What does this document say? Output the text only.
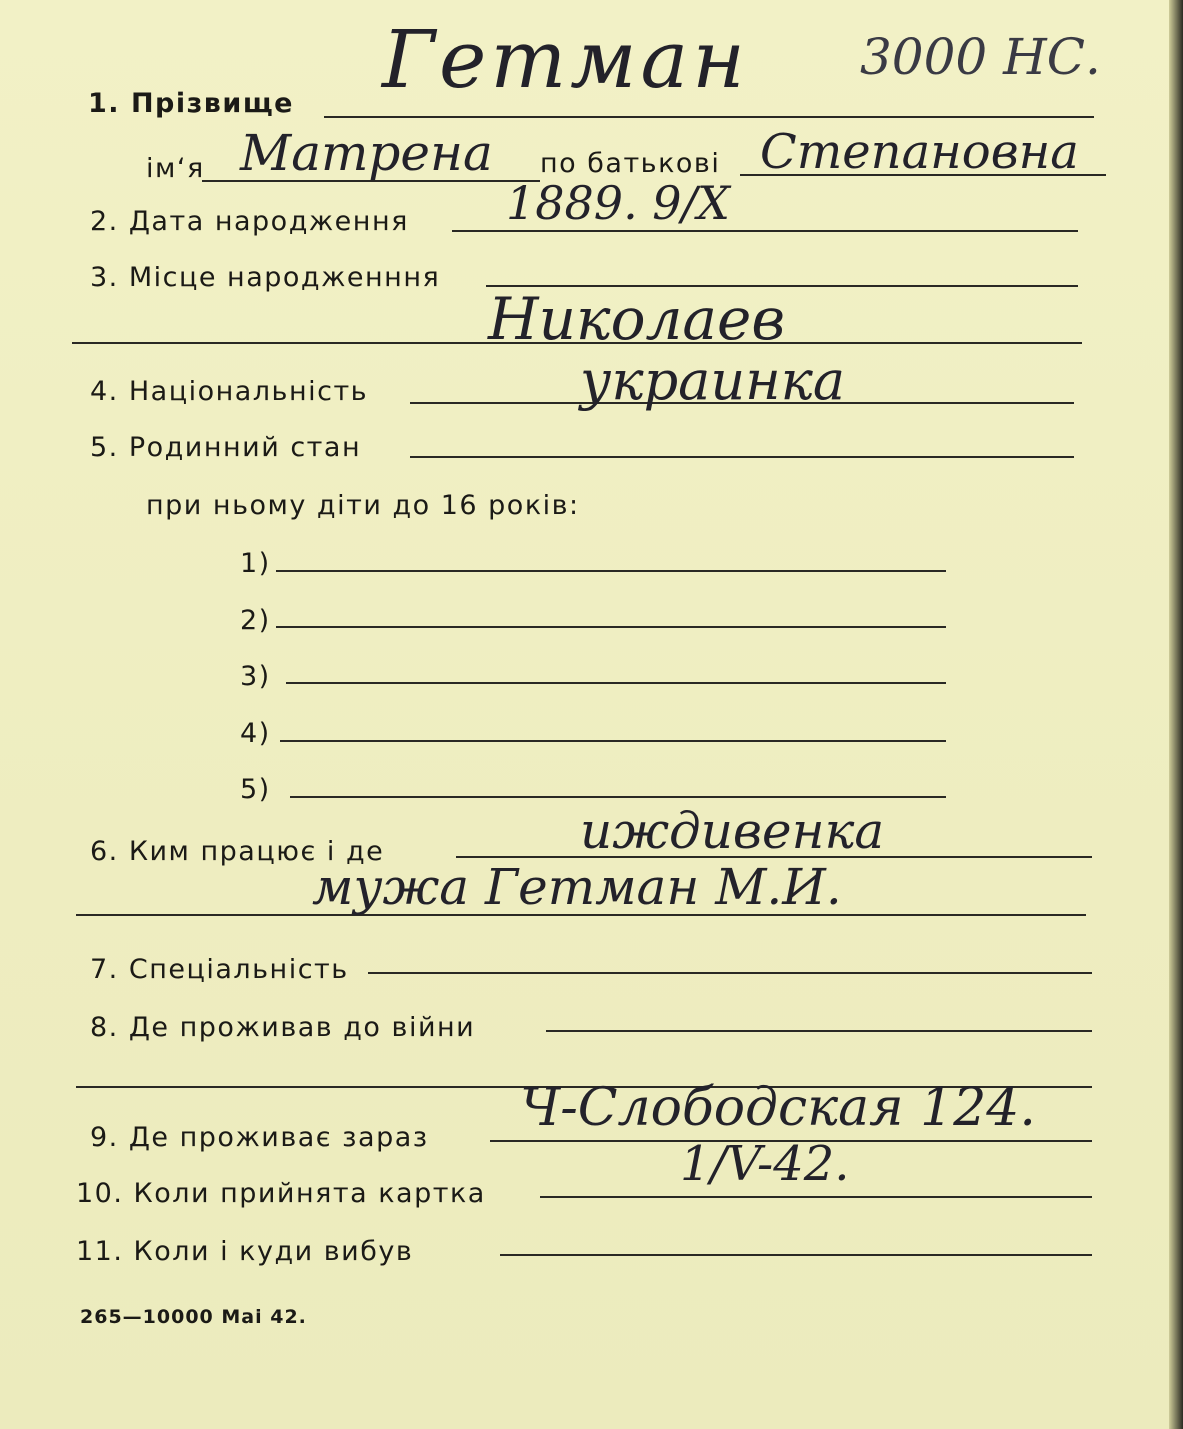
1. Прізвище Гетман 3000 НС.
ім‘я Матрена по батькові Степановна
2. Дата народження 1889. 9/X
3. Місце народженння
Николаев
4. Національність	украинка
5. Родинний стан
при ньому діти до 16 років:
1)
2)
3)
4)
5)
6. Ким працює і де	иждивенка
мужа Гетман М.И.
7. Спеціальність
8. Де проживав до війни
9. Де проживає зараз Ч-Слободская 124.
10. Коли прийнята картка
1/V-42.
11. Коли і куди вибув
265—10000 Mai 42.
